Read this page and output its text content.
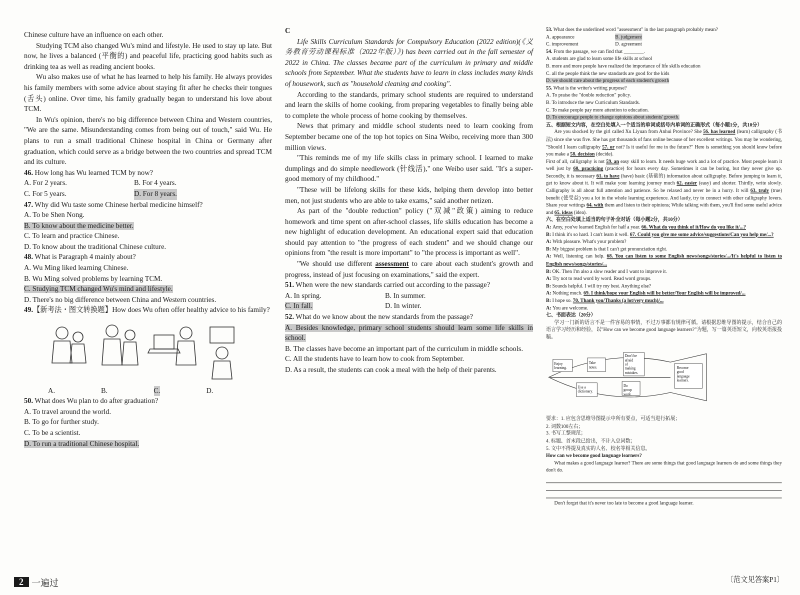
Chinese culture have an influence on each other.

Studying TCM also changed Wu's mind and lifestyle. He used to stay up late. But now, he lives a balanced (平衡的) and peaceful life, practicing good habits such as drinking tea as well as reading ancient books.

Wu also makes use of what he has learned to help his family. He always provides his family members with some advice about staying fit after he checks their tongues (舌头) online. Over time, his family gradually began to understand his love about TCM.

In Wu's opinion, there's no big difference between China and Western countries, "We are the same. Misunderstanding comes from being out of touch," said Wu. He plans to run a small traditional Chinese hospital in China or Germany after graduation, which could serve as a bridge between the two countries and spread TCM and its culture.

46. How long has Wu learned TCM by now?

A. For 2 years.	B. For 4 years.

C. For 5 years.	D. For 8 years.

47. Why did Wu taste some Chinese herbal medicine himself?

A. To be Shen Nong.

B. To know about the medicine better.

C. To learn and practice Chinese.

D. To know about the traditional Chinese culture.

48. What is Paragraph 4 mainly about?

A. Wu Ming liked learning Chinese.

B. Wu Ming solved problems by learning TCM.

C. Studying TCM changed Wu's mind and lifestyle.

D. There's no big difference between China and Western countries.

49.【新考法・图文转换题】How does Wu often offer healthy advice to his family?

A.	B.	C.	D.

50. What does Wu plan to do after graduation?

A. To travel around the world.

B. To go for further study.

C. To be a scientist.

D. To run a traditional Chinese hospital.

C

Life Skills Curriculum Standards for Compulsory Education (2022 edition)(《义务教育劳动课程标准（2022年版）》) has been carried out in the fall semester of 2022 in China. The classes became part of the curriculum in primary and middle schools from September. What the students have to learn in class includes many kinds of housework, such as "household cleaning and cooking".

According to the standards, primary school students are required to understand and learn the skills of home cooking, from preparing vegetables to finally being able to complete the whole process of home cooking by themselves.

News that primary and middle school students need to learn cooking from September became one of the top hot topics on Sina Weibo, receiving more than 300 million views.

"This reminds me of my life skills class in primary school. I learned to make dumplings and do simple needlework (针线活)," one Weibo user said. "It's a super-good memory of my childhood."

"These will be lifelong skills for these kids, helping them develop into better men, not just students who are able to take exams," said another netizen.

As part of the "double reduction" policy ("双减"政策) aiming to reduce homework and time spent on after-school classes, life skills education has become a new highlight of education development. An educational expert said that education should pay attention to "the progress of each student" and we should change our opinions from "the result is more important" to "the process is important as well".

"We should use different assessment to care about each student's growth and progress, instead of just focusing on examinations," said the expert.

51. When were the new standards carried out according to the passage?

A. In spring.	B. In summer.

C. In fall.	D. In winter.

52. What do we know about the new standards from the passage?

A. Besides knowledge, primary school students should learn some life skills in school.

B. The classes have become an important part of the curriculum in middle schools.

C. All the students have to learn how to cook from September.

D. As a result, the students can cook a meal with the help of their parents.

53. What does the underlined word "assessment" in the last paragraph probably mean?

A. appearance	B. judgement

C. improvement	D. agreement

54. From the passage, we can find that ________.

A. students are glad to learn some life skills at school

B. more and more people have realized the importance of life skills education

C. all the people think the new standards are good for the kids

D. we should care about the progress of each student's growth

55. What is the writer's writing purpose?

A. To praise the "double reduction" policy.

B. To introduce the new Curriculum Standards.

C. To make people pay more attention to education.

D. To encourage people to change opinions about students' growth.

五、根据短文内容，在空白处填入一个适当的单词或括号内单词的正确形式（每小题1分，共10分）

Are you shocked by the girl called Xu Liyuan from Anhui Province? She 56. has learned (learn) calligraphy (书法) since she was five. She has got thousands of fans online because of her excellent writings. You may be wondering, "Should I learn calligraphy 57. or not? Is it useful for me in the future?" Here is something you should know before you make a 58. decision (decide).
First of all, calligraphy is not 59. an easy skill to learn. It needs huge work and a lot of practice. Most people learn it well just by 60. practicing (practice) for hours every day. Sometimes it can be boring, but they never give up. Secondly, it is necessary 61. to have (have) basic (基础的) information about calligraphy. Before jumping to learn it, get to know about it. It will make your learning journey much 62. easier (easy) and shorter. Thirdly, write slowly. Calligraphy is all about full attention and patience. So be relaxed and never be in a hurry. It will 63. truly (true) benefit (使受益) you a lot in the whole learning experience. And lastly, try to connect with other calligraphy lovers. Share your writings 64. with them and listen to their opinions; While talking with them, you'll find some useful advice and 65. ideas (idea).

六、在空白处填上适当的句子补全对话（每小题2分，共10分）

A: Amy, you've learned English for half a year. 66. What do you think of it/How do you like it/...?

B: I think it's so hard. I can't learn it well. 67. Could you give me some advice/suggestions/Can you help me/...?

A: With pleasure. What's your problem?

B: My biggest problem is that I can't get pronunciation right.

A: Well, listening can help. 68. You can listen to some English news/songs/stories/.../It's helpful to listen to English news/songs/stories/...

B: OK. Then I'm also a slow reader and I want to improve it.

A: Try not to read word by word. Read word groups.

B: Sounds helpful. I will try my best. Anything else?

A: Nothing much. 69. I think/hope your English will be better/Your English will be improved/...

B: I hope so. 70. Thank you/Thanks (a lot/very much)/...

A: You are welcome.

七、书面表达（20分）

学习一门新的语言不是一件容易的事情，不过万事都有规律可循。请根据思维导图的提示，结合自己的语言学习经历和经验，以"How can we become good language learners?"为题，写一篇英语短文，向校英语报投稿。

Enjoy learning.
Take notes.
Don't be afraid of making mistakes.
Use a dictionary.
Do group work.
Become good language learners.

要求：1. 应包含思维导图提示中所有要点，可适当进行拓展；

2. 词数100左右；

3. 书写工整规范；

4. 标题、首末段已给出，不计入总词数；

5. 文中不得提及真实的人名、校名等相关信息。

How can we become good language learners?

What makes a good language learner? There are some things that good language learners do and some things they don't do.

Don't forget that it's never too late to become a good language learner.

2 一遍过	〔范文见答案P1〕
